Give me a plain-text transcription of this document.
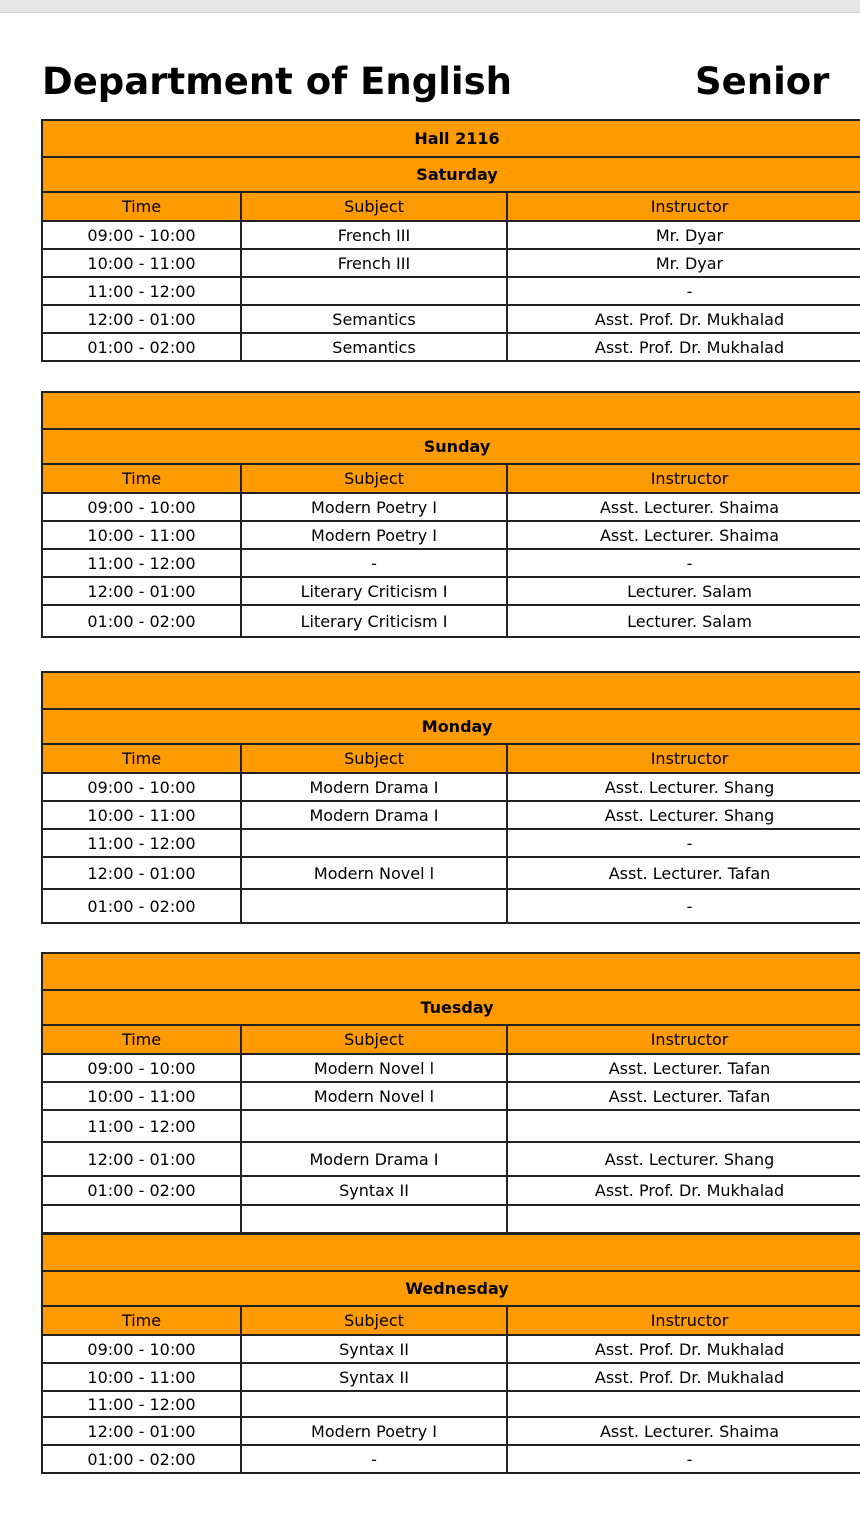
Department of English	Senior
Hall 2116		
Saturday		
Time	Subject	Instructor
09:00 - 10:00	French III	Mr. Dyar
10:00 - 11:00	French III	Mr. Dyar
11:00 - 12:00		-
12:00 - 01:00	Semantics	Asst. Prof. Dr. Mukhalad
01:00 - 02:00	Semantics	Asst. Prof. Dr. Mukhalad

Sunday		
Time	Subject	Instructor
09:00 - 10:00	Modern Poetry I	Asst. Lecturer. Shaima
10:00 - 11:00	Modern Poetry I	Asst. Lecturer. Shaima
11:00 - 12:00	-	-
12:00 - 01:00	Literary Criticism I	Lecturer. Salam
01:00 - 02:00	Literary Criticism I	Lecturer. Salam

Monday		
Time	Subject	Instructor
09:00 - 10:00	Modern Drama I	Asst. Lecturer. Shang
10:00 - 11:00	Modern Drama I	Asst. Lecturer. Shang
11:00 - 12:00		-
12:00 - 01:00	Modern Novel l	Asst. Lecturer. Tafan
01:00 - 02:00		-

Tuesday		
Time	Subject	Instructor
09:00 - 10:00	Modern Novel l	Asst. Lecturer. Tafan
10:00 - 11:00	Modern Novel l	Asst. Lecturer. Tafan
11:00 - 12:00		
12:00 - 01:00	Modern Drama I	Asst. Lecturer. Shang
01:00 - 02:00	Syntax II	Asst. Prof. Dr. Mukhalad

Wednesday		
Time	Subject	Instructor
09:00 - 10:00	Syntax II	Asst. Prof. Dr. Mukhalad
10:00 - 11:00	Syntax II	Asst. Prof. Dr. Mukhalad
11:00 - 12:00		
12:00 - 01:00	Modern Poetry I	Asst. Lecturer. Shaima
01:00 - 02:00	-	-
